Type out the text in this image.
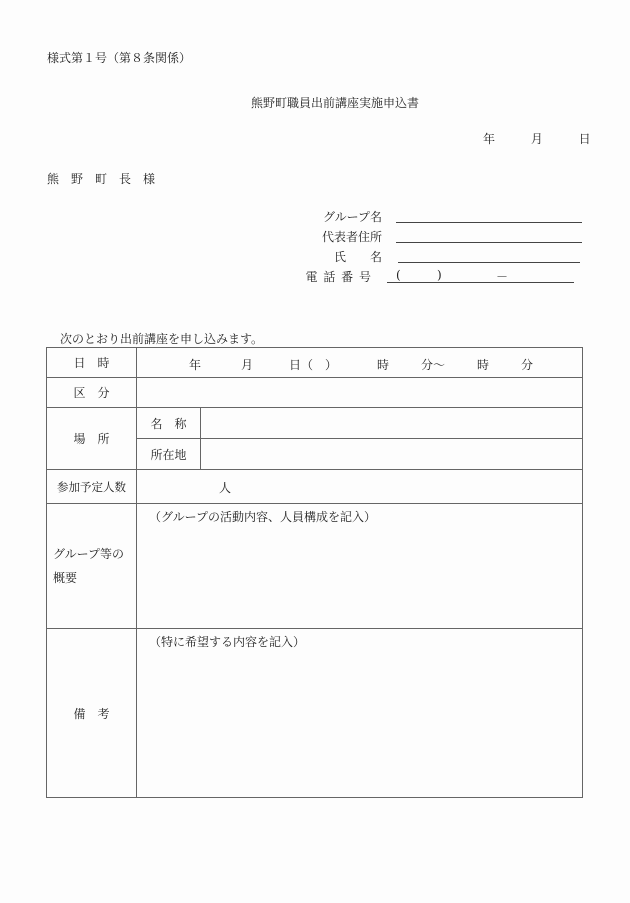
様式第１号（第８条関係）
熊野町職員出前講座実施申込書
年	月	日
熊野町長様
グループ名
代表者住所
氏　　名
電 話 番 号 (	)	－
次のとおり出前講座を申し込みます。
日　時	年	月	日（　）	時	分～	時	分

区　分		
場　所	名　称	
	所在地	
参加予定人数	人	

グループ等の
概要	（グループの活動内容、人員構成を記入）	
備　考	（特に希望する内容を記入）	
